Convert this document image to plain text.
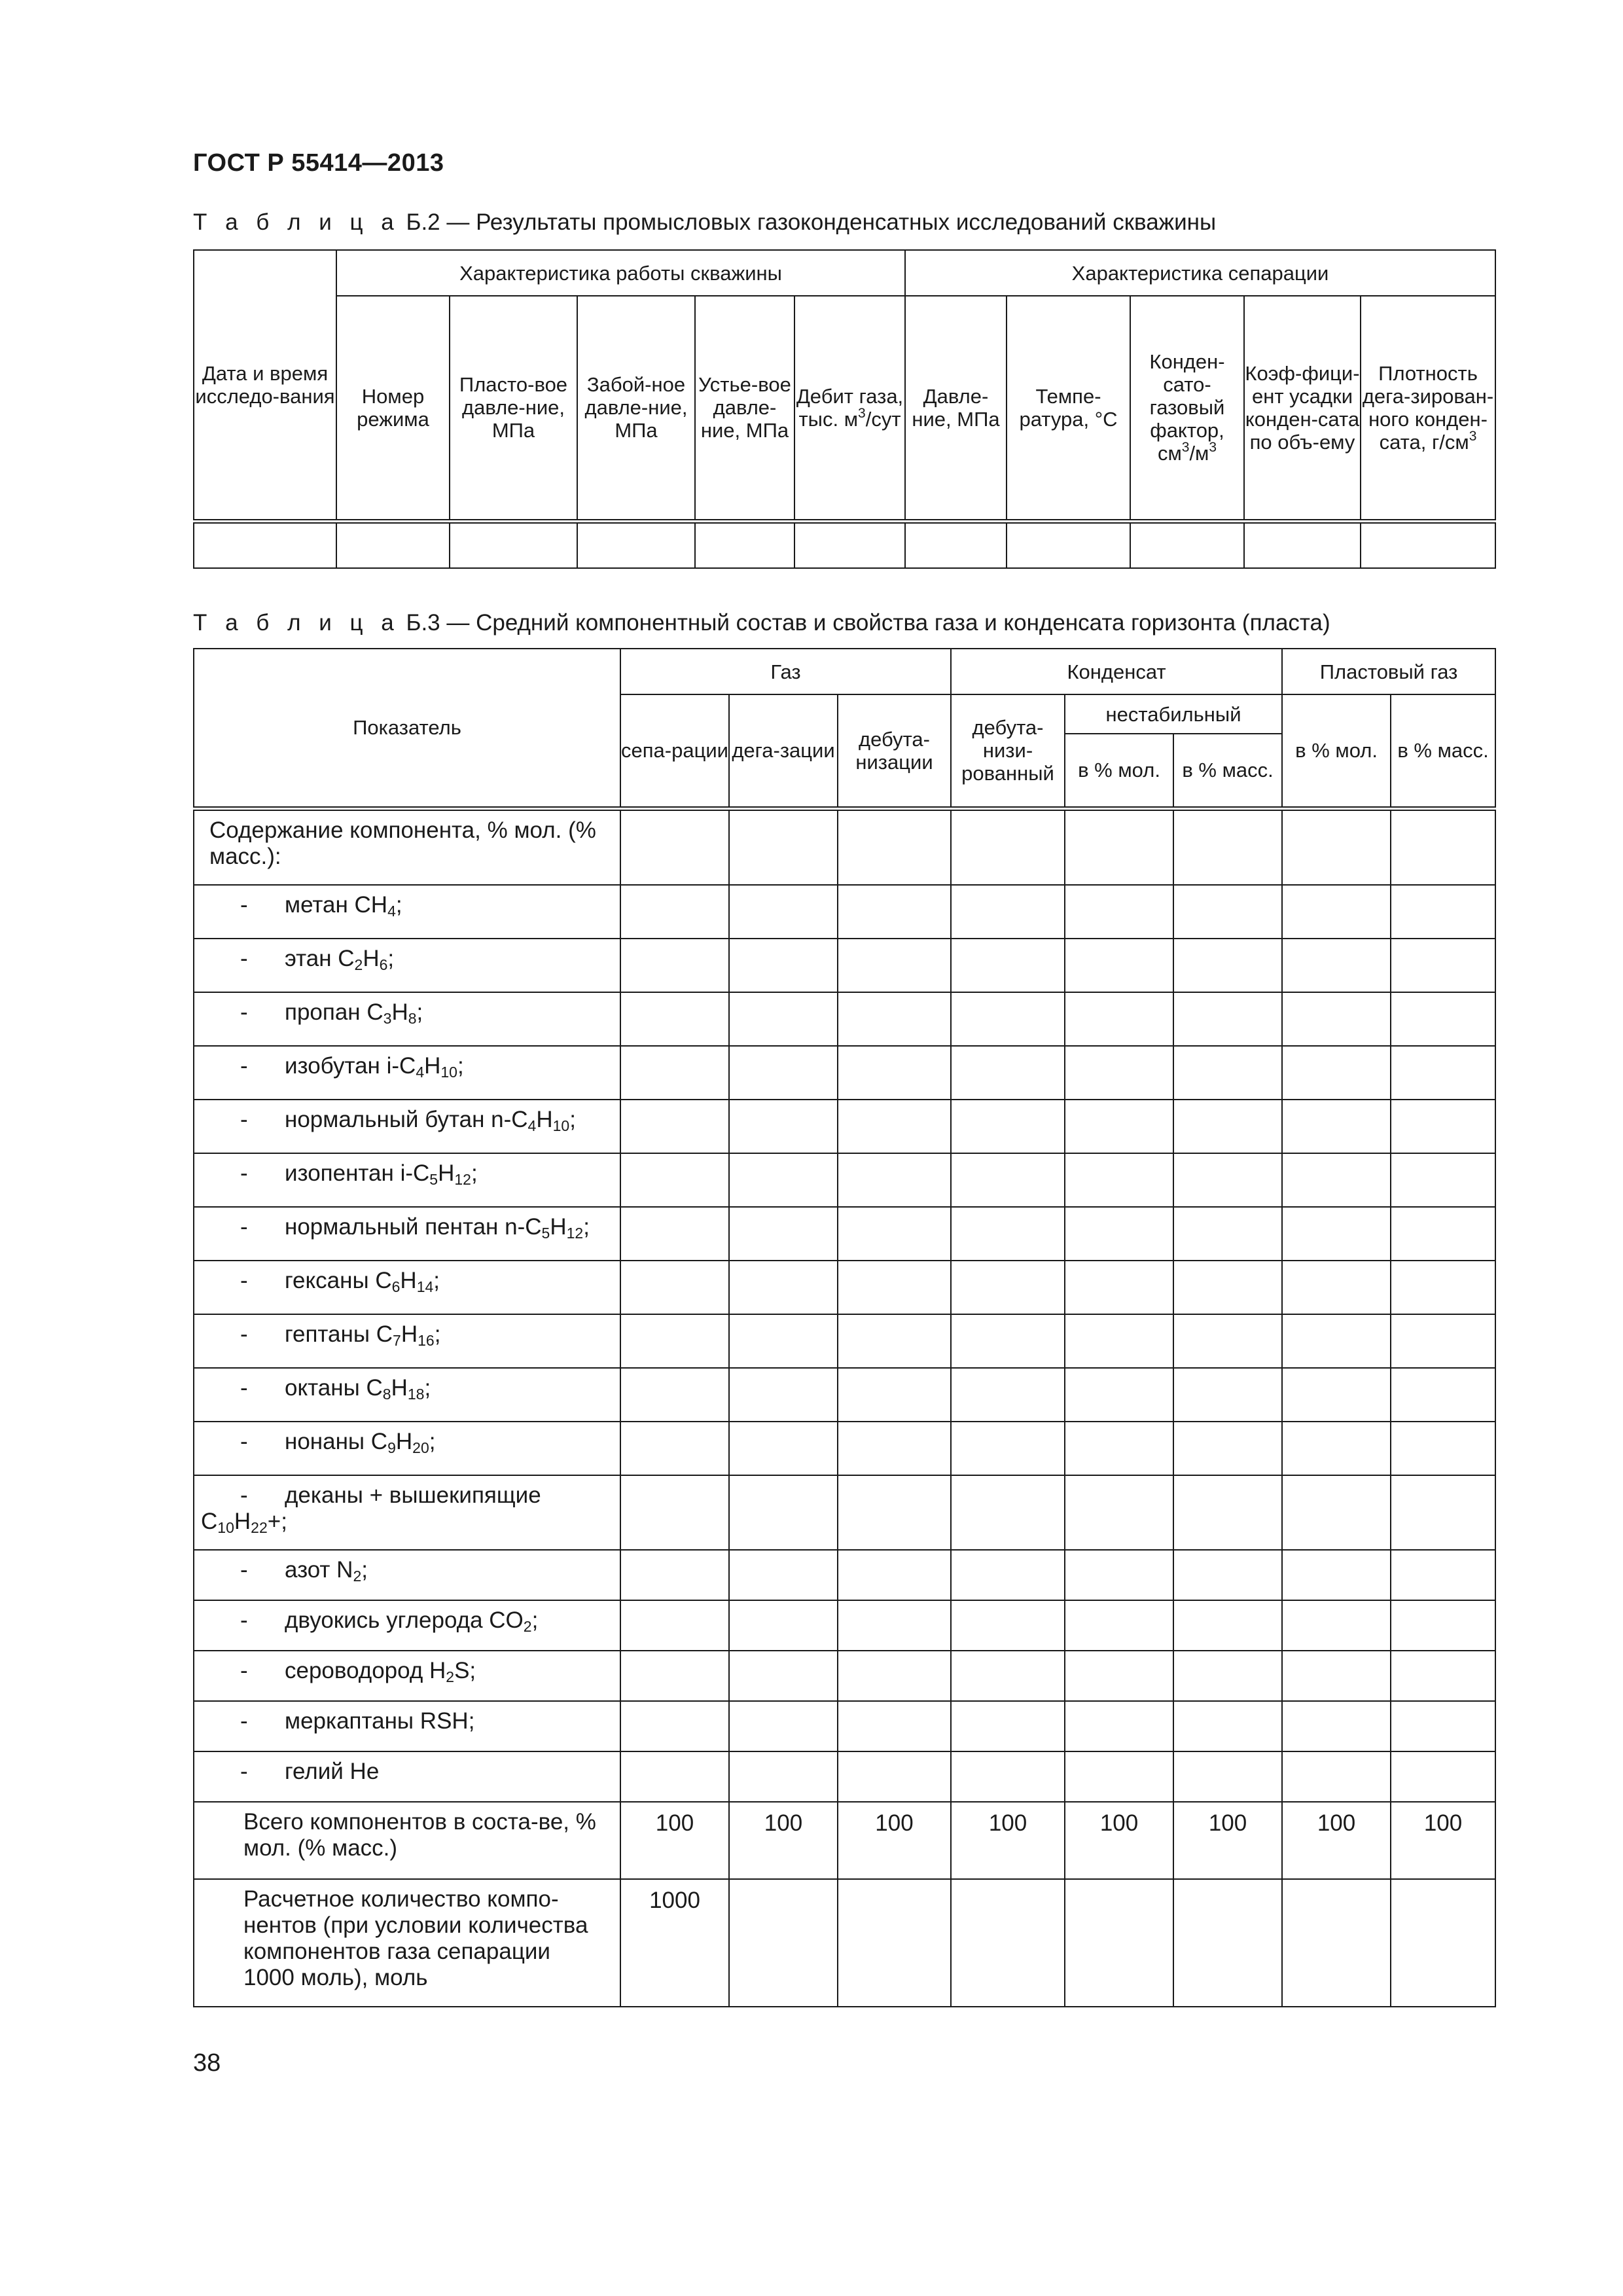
ГОСТ Р 55414—2013
Т а б л и ц а Б.2 — Результаты промысловых газоконденсатных исследований скважины
Дата и время исследо-вания	Характеристика работы скважины					Характеристика сепарации				
	Номер режима	Пласто-вое давле-ние, МПа	Забой-ное давле-ние, МПа	Устье-вое давле-ние, МПа	Дебит газа, тыс. $м^3$/сут	Давле-ние, МПа	Темпе-ратура, °С	Конден-сато-газовый фактор, $см^3/м^3$	Коэф-фици-ент усадки конден-сата по объ-ему	Плотность дега-зирован-ного конден-сата, $г/см^3$

Т а б л и ц а Б.3 — Средний компонентный состав и свойства газа и конденсата горизонта (пласта)
Показатель	Газ			Конденсат			Пластовый газ		
	сепа-рации	дега-зации	дебута-низации	дебута-низи-рованный	нестабильный		в % мол.	в % масс.	
					в % мол.	в % масс.			
Содержание компонента, % мол. (% масс.):									
- метан $CH_4$;									
- этан $C_2H_6$;									
- пропан $C_3H_8$;									
- изобутан $i-C_4H_{10}$;									
- нормальный бутан $n-C_4H_{10}$;									
- изопентан $i-C_5H_{12}$;									
- нормальный пентан $n-C_5H_{12}$;									
- гексаны $C_6H_{14}$;									
- гептаны $C_7H_{16}$;									
- октаны $C_8H_{18}$;									
- нонаны $C_9H_{20}$;									
- деканы + вышекипящие
$C_{10}H_{22}+$;									
- азот $N_2$;									
- двуокись углерода $CO_2$;									
- сероводород $H_2S$;									
- меркаптаны RSH;									
- гелий He									
Всего компонентов в соста-ве, % мол. (% масс.)	100	100	100	100	100	100	100	100	
Расчетное количество компо-нентов (при условии количества компонентов газа сепарации 1000 моль), моль	1000								
38
